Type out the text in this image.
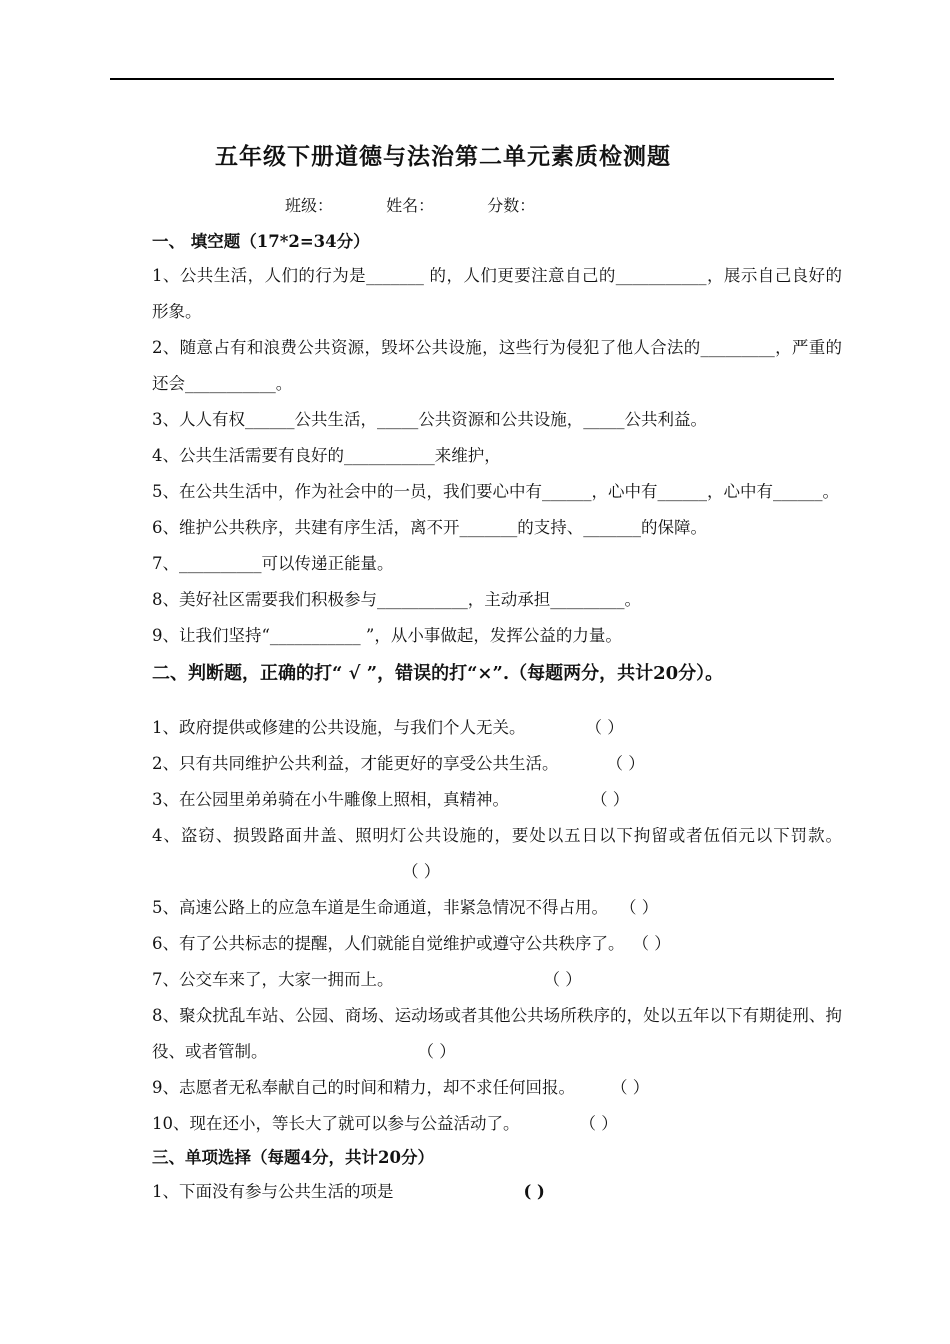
五年级下册道德与法治第二单元素质检测题
班级：	姓名：	分数：
一、 填空题（17*2=34分）
1、公共生活，人们的行为是_______ 的，人们更要注意自己的___________，展示自己良好的形象。
2、随意占有和浪费公共资源，毁坏公共设施，这些行为侵犯了他人合法的_________，严重的还会___________。
3、人人有权______公共生活，_____公共资源和公共设施，_____公共利益。
4、公共生活需要有良好的___________来维护，
5、在公共生活中，作为社会中的一员，我们要心中有______，心中有______，心中有______。
6、维护公共秩序，共建有序生活，离不开_______的支持、_______的保障。
7、__________可以传递正能量。
8、美好社区需要我们积极参与___________，主动承担_________。
9、让我们坚持“___________ ”，从小事做起，发挥公益的力量。
二、判断题，正确的打“ √ ”，错误的打“×”.（每题两分，共计20分）。
1、政府提供或修建的公共设施，与我们个人无关。	（ ）
2、只有共同维护公共利益，才能更好的享受公共生活。	（ ）
3、在公园里弟弟骑在小牛雕像上照相，真精神。	（ ）
4、盗窃、损毁路面井盖、照明灯公共设施的，要处以五日以下拘留或者伍佰元以下罚款。（ ）
5、高速公路上的应急车道是生命通道，非紧急情况不得占用。 （ ）
6、有了公共标志的提醒，人们就能自觉维护或遵守公共秩序了。 （ ）
7、公交车来了，大家一拥而上。	（ ）
8、聚众扰乱车站、公园、商场、运动场或者其他公共场所秩序的，处以五年以下有期徒刑、拘役、或者管制。	（ ）
9、志愿者无私奉献自己的时间和精力，却不求任何回报。 （ ）
10、现在还小，等长大了就可以参与公益活动了。	（ ）
三、单项选择（每题4分，共计20分）
1、下面没有参与公共生活的项是	( )
